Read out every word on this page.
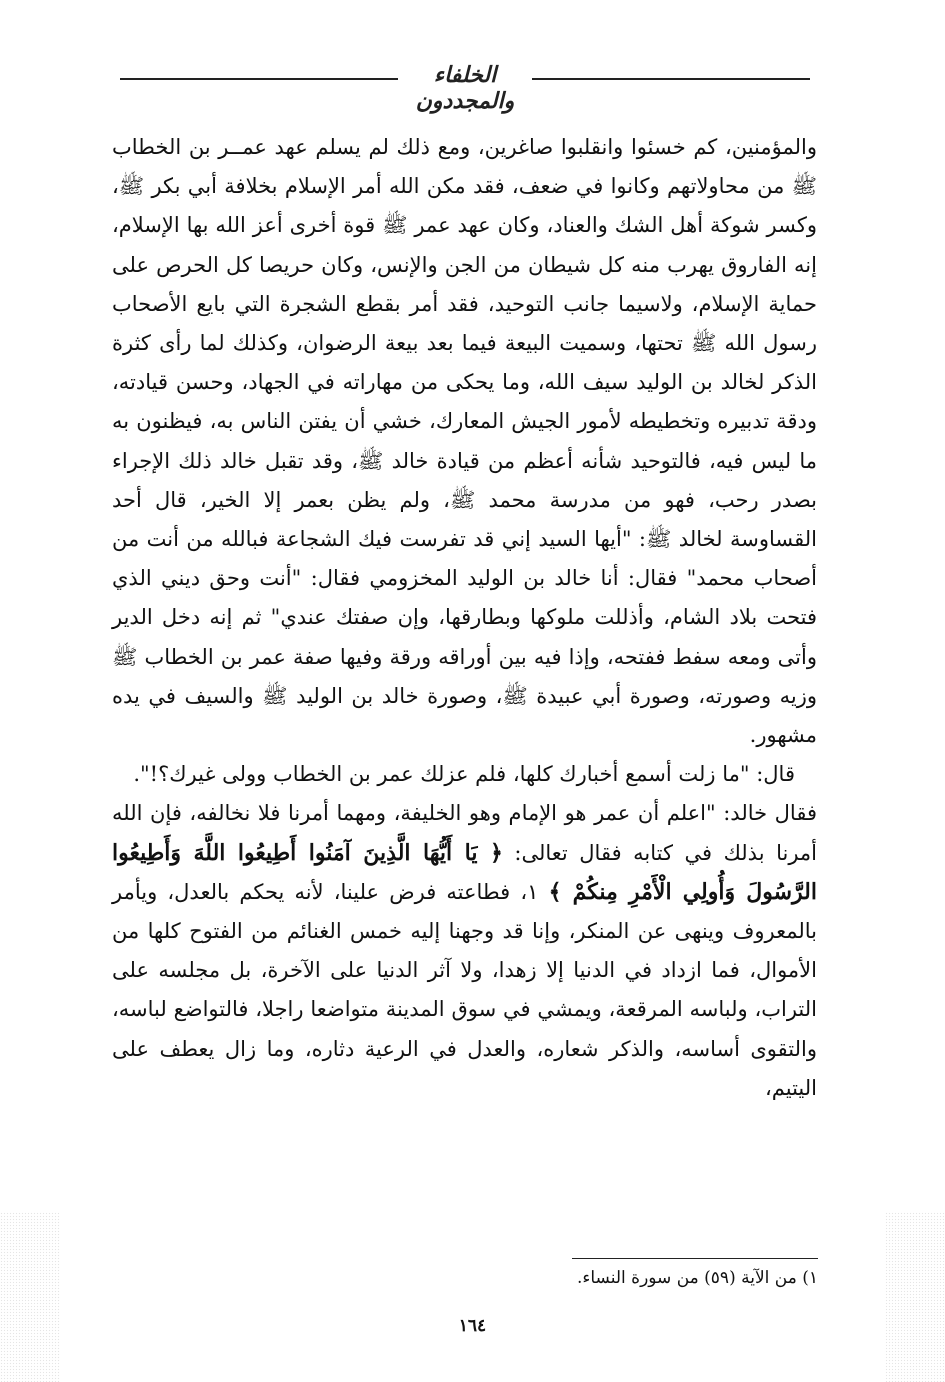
الخلفاء والمجددون

والمؤمنين، كم خسئوا وانقلبوا صاغرين، ومع ذلك لم يسلم عهد عمــر بن الخطاب ﷺ من محاولاتهم وكانوا في ضعف، فقد مكن الله أمر الإسلام بخلافة أبي بكر ﷺ، وكسر شوكة أهل الشك والعناد، وكان عهد عمر ﷺ قوة أخرى أعز الله بها الإسلام، إنه الفاروق يهرب منه كل شيطان من الجن والإنس، وكان حريصا كل الحرص على حماية الإسلام، ولاسيما جانب التوحيد، فقد أمر بقطع الشجرة التي بايع الأصحاب رسول الله ﷺ تحتها، وسميت البيعة فيما بعد بيعة الرضوان، وكذلك لما رأى كثرة الذكر لخالد بن الوليد سيف الله، وما يحكى من مهاراته في الجهاد، وحسن قيادته، ودقة تدبيره وتخطيطه لأمور الجيش المعارك، خشي أن يفتن الناس به، فيظنون به ما ليس فيه، فالتوحيد شأنه أعظم من قيادة خالد ﷺ، وقد تقبل خالد ذلك الإجراء بصدر رحب، فهو من مدرسة محمد ﷺ، ولم يظن بعمر إلا الخير، قال أحد القساوسة لخالد ﷺ: "أيها السيد إني قد تفرست فيك الشجاعة فبالله من أنت من أصحاب محمد" فقال: أنا خالد بن الوليد المخزومي فقال: "أنت وحق ديني الذي فتحت بلاد الشام، وأذللت ملوكها وبطارقها، وإن صفتك عندي" ثم إنه دخل الدير وأتى ومعه سفط ففتحه، وإذا فيه بين أوراقه ورقة وفيها صفة عمر بن الخطاب ﷺ وزيه وصورته، وصورة أبي عبيدة ﷺ، وصورة خالد بن الوليد ﷺ والسيف في يده مشهور.

قال: "ما زلت أسمع أخبارك كلها، فلم عزلك عمر بن الخطاب وولى غيرك؟!".

فقال خالد: "اعلم أن عمر هو الإمام وهو الخليفة، ومهما أمرنا فلا نخالفه، فإن الله أمرنا بذلك في كتابه فقال تعالى: ﴿ يَا أَيُّهَا الَّذِينَ آمَنُوا أَطِيعُوا اللَّهَ وَأَطِيعُوا الرَّسُولَ وَأُولِي الْأَمْرِ مِنكُمْ ﴾ ١، فطاعته فرض علينا، لأنه يحكم بالعدل، ويأمر بالمعروف وينهى عن المنكر، وإنا قد وجهنا إليه خمس الغنائم من الفتوح كلها من الأموال، فما ازداد في الدنيا إلا زهدا، ولا آثر الدنيا على الآخرة، بل مجلسه على التراب، ولباسه المرقعة، ويمشي في سوق المدينة متواضعا راجلا، فالتواضع لباسه، والتقوى أساسه، والذكر شعاره، والعدل في الرعية دثاره، وما زال يعطف على اليتيم،

١) من الآية (٥٩) من سورة النساء.
١٦٤
